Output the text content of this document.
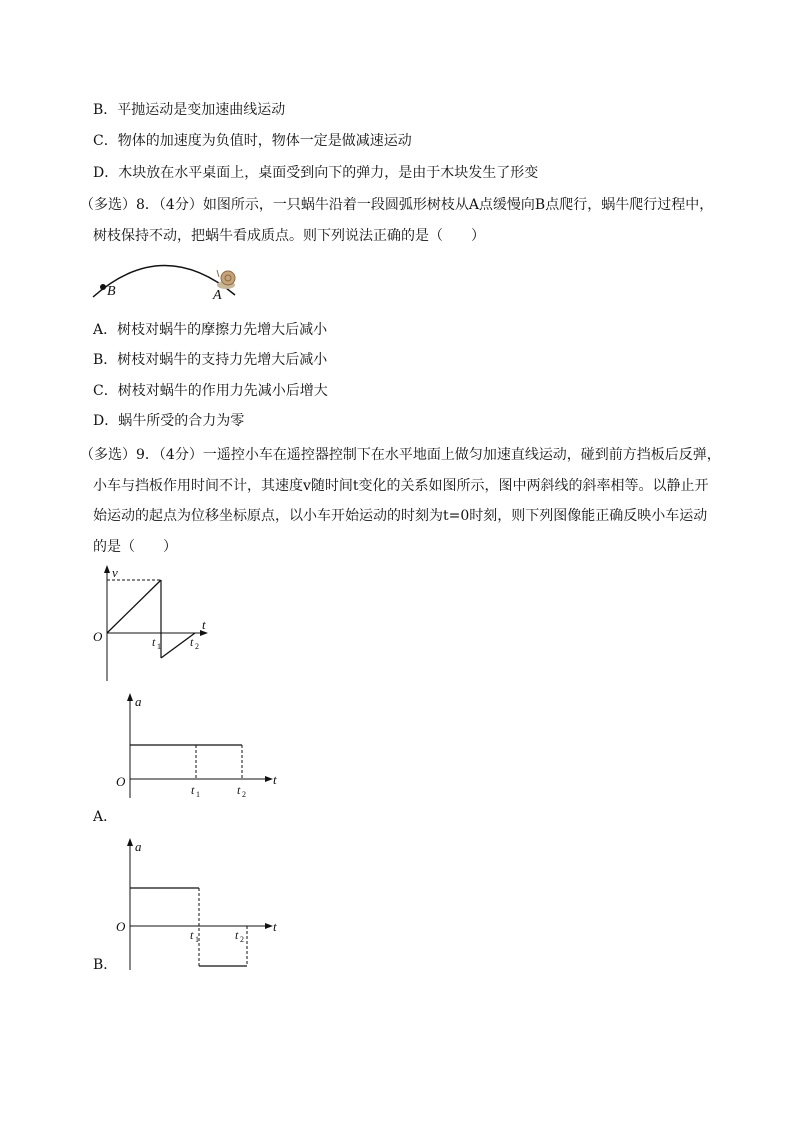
B．平抛运动是变加速曲线运动
C．物体的加速度为负值时，物体一定是做减速运动
D．木块放在水平桌面上，桌面受到向下的弹力，是由于木块发生了形变
（多选）8．（4分）如图所示，一只蜗牛沿着一段圆弧形树枝从A点缓慢向B点爬行，蜗牛爬行过程中，
树枝保持不动，把蜗牛看成质点。则下列说法正确的是（　　）
B	A
A．树枝对蜗牛的摩擦力先增大后减小
B．树枝对蜗牛的支持力先增大后减小
C．树枝对蜗牛的作用力先减小后增大
D．蜗牛所受的合力为零
（多选）9．（4分）一遥控小车在遥控器控制下在水平地面上做匀加速直线运动，碰到前方挡板后反弹，
小车与挡板作用时间不计，其速度v随时间t变化的关系如图所示，图中两斜线的斜率相等。以静止开
始运动的起点为位移坐标原点，以小车开始运动的时刻为t=0时刻，则下列图像能正确反映小车运动
的是（　　）
v
t
O	t 1 t 2
a
t
O
t 1	t 2
A．
a
t
O
t 1	t 2
B．
